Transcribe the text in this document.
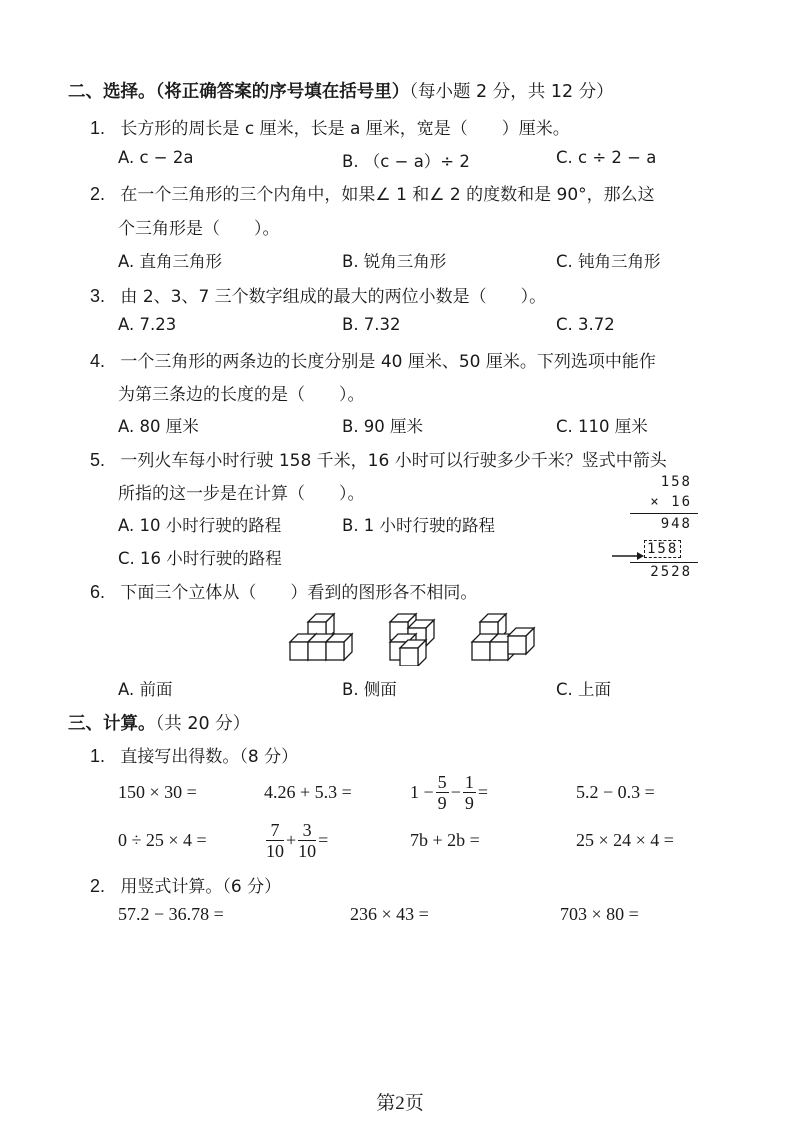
二、选择。（将正确答案的序号填在括号里）（每小题 2 分，共 12 分）
1. 长方形的周长是 c 厘米，长是 a 厘米，宽是（　　）厘米。
A. c − 2a	B. （c − a）÷ 2	C. c ÷ 2 − a
2. 在一个三角形的三个内角中，如果∠ 1 和∠ 2 的度数和是 90°，那么这
个三角形是（　　）。
A. 直角三角形	B. 锐角三角形	C. 钝角三角形
3. 由 2、3、7 三个数字组成的最大的两位小数是（　　）。
A. 7.23	B. 7.32	C. 3.72
4. 一个三角形的两条边的长度分别是 40 厘米、50 厘米。下列选项中能作
为第三条边的长度的是（　　）。
A. 80 厘米	B. 90 厘米	C. 110 厘米
5. 一列火车每小时行驶 158 千米，16 小时可以行驶多少千米？竖式中箭头
所指的这一步是在计算（　　）。
A. 10 小时行驶的路程	B. 1 小时行驶的路程
C. 16 小时行驶的路程
158
× 16
948
158
2528
6. 下面三个立体从（　　）看到的图形各不相同。
A. 前面	B. 侧面	C. 上面
三、计算。（共 20 分）
1. 直接写出得数。（8 分）
150 × 30 =	4.26 + 5.3 =	$1 - \frac{5}{9} - \frac{1}{9}$ =	5.2 − 0.3 =
0 ÷ 25 × 4 =	$\frac{7}{10} + \frac{3}{10}$ =	7b + 2b =	25 × 24 × 4 =
2. 用竖式计算。（6 分）
57.2 − 36.78 =	236 × 43 =	703 × 80 =
第2页
